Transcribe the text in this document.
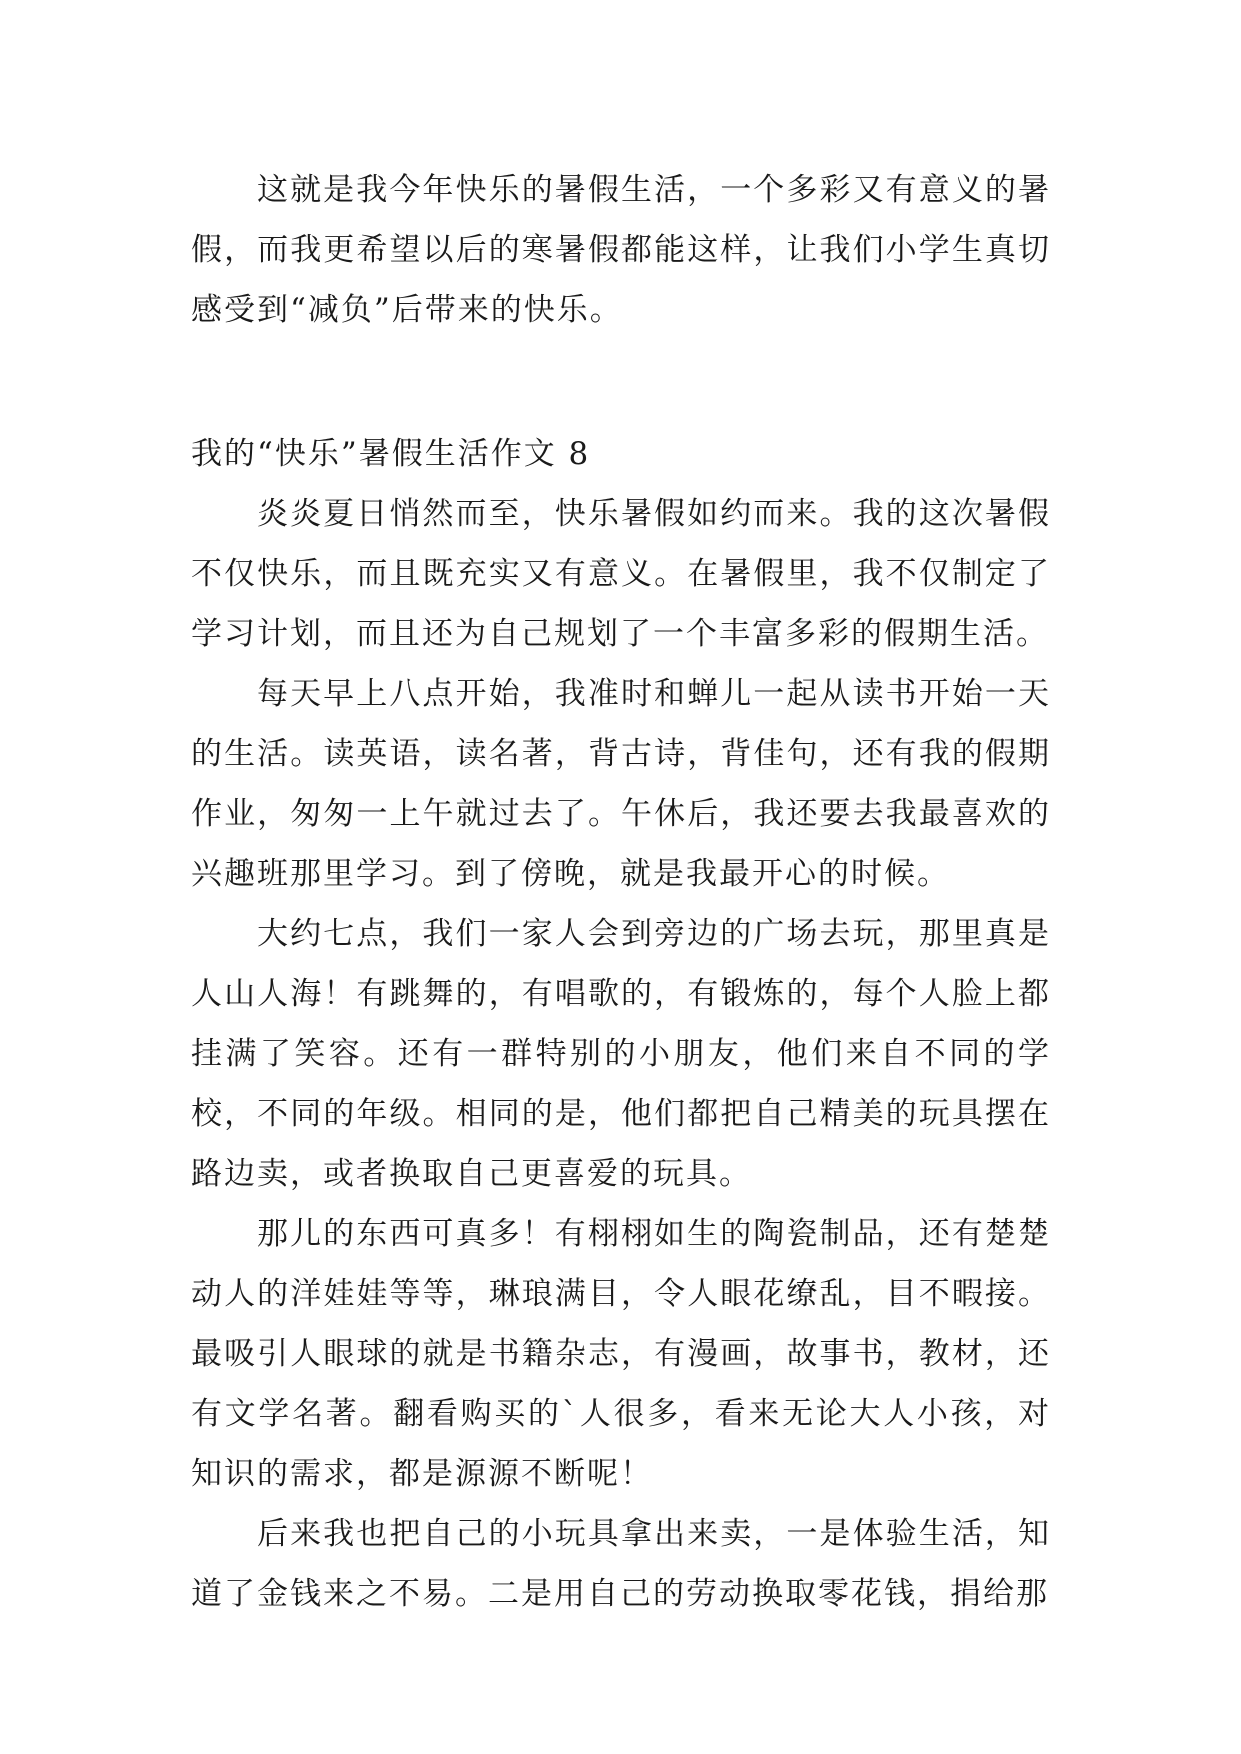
这就是我今年快乐的暑假生活，一个多彩又有意义的暑假，而我更希望以后的寒暑假都能这样，让我们小学生真切感受到“减负”后带来的快乐。

我的“快乐”暑假生活作文 8

炎炎夏日悄然而至，快乐暑假如约而来。我的这次暑假不仅快乐，而且既充实又有意义。在暑假里，我不仅制定了学习计划，而且还为自己规划了一个丰富多彩的假期生活。

每天早上八点开始，我准时和蝉儿一起从读书开始一天的生活。读英语，读名著，背古诗，背佳句，还有我的假期作业，匆匆一上午就过去了。午休后，我还要去我最喜欢的兴趣班那里学习。到了傍晚，就是我最开心的时候。

大约七点，我们一家人会到旁边的广场去玩，那里真是人山人海！有跳舞的，有唱歌的，有锻炼的，每个人脸上都挂满了笑容。还有一群特别的小朋友，他们来自不同的学校，不同的年级。相同的是，他们都把自己精美的玩具摆在路边卖，或者换取自己更喜爱的玩具。

那儿的东西可真多！有栩栩如生的陶瓷制品，还有楚楚动人的洋娃娃等等，琳琅满目，令人眼花缭乱，目不暇接。最吸引人眼球的就是书籍杂志，有漫画，故事书，教材，还有文学名著。翻看购买的`人很多，看来无论大人小孩，对知识的需求，都是源源不断呢！

后来我也把自己的小玩具拿出来卖，一是体验生活，知道了金钱来之不易。二是用自己的劳动换取零花钱，捐给那
